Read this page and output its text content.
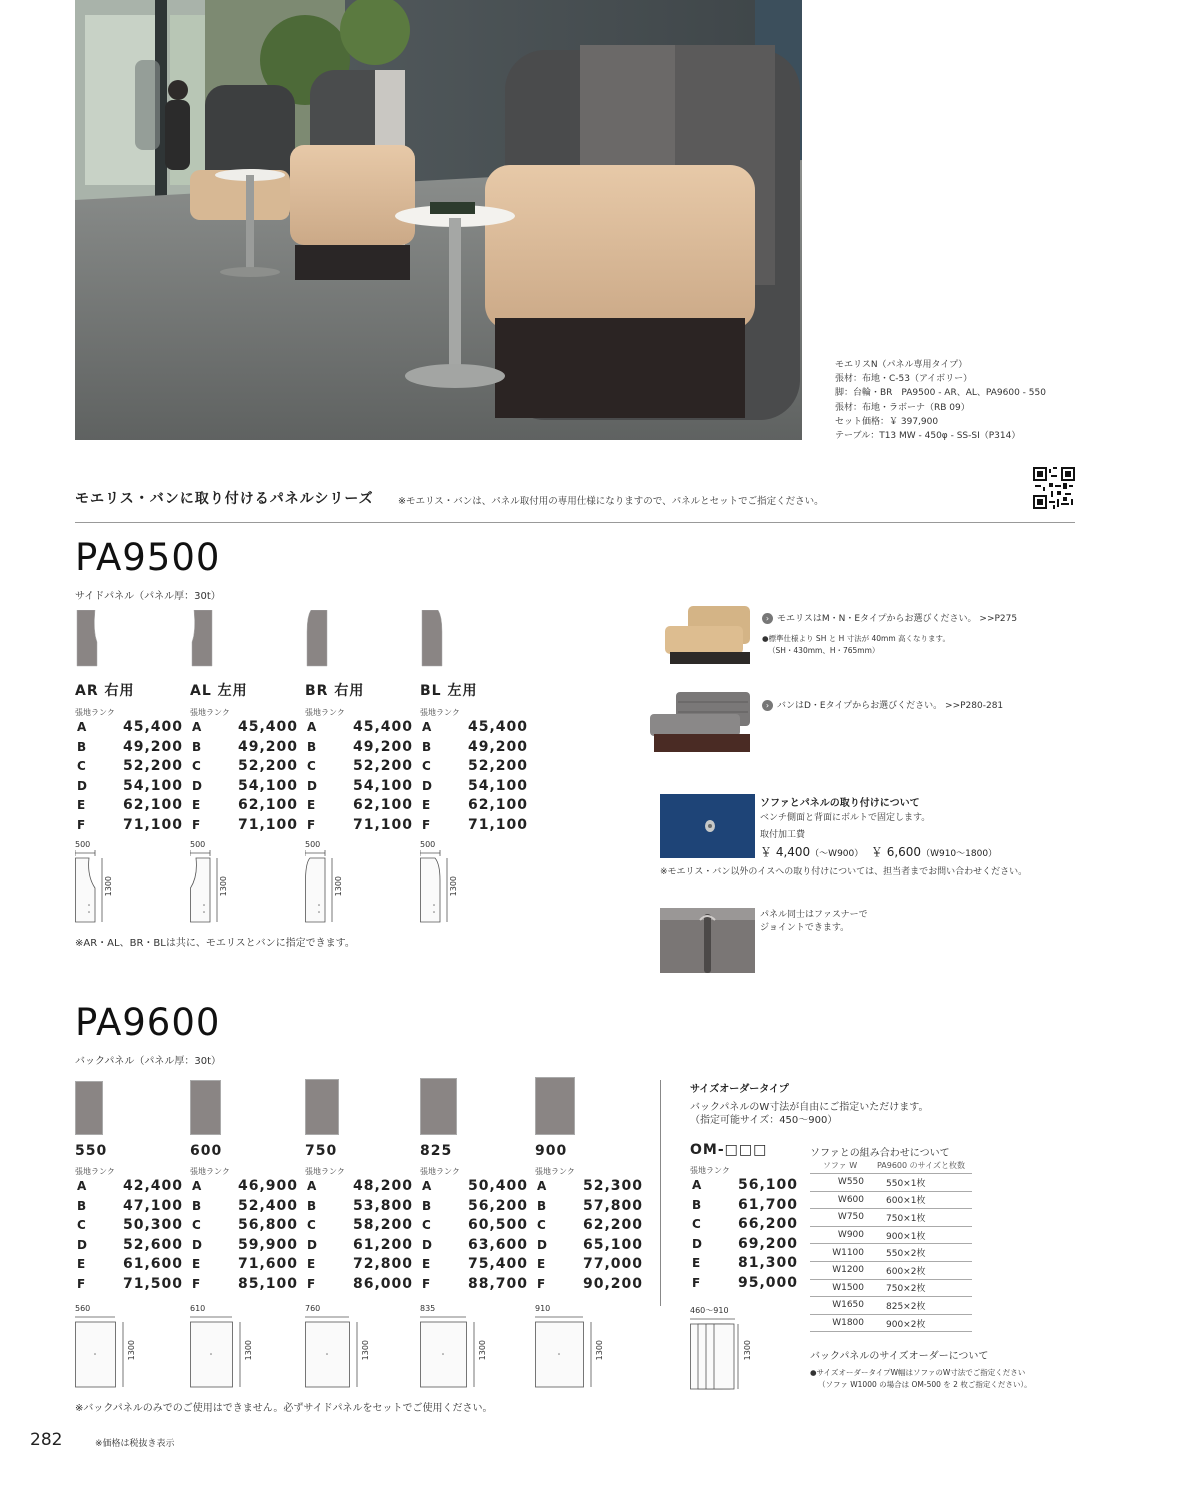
モエリスN（パネル専用タイプ）
張材：布地・C-53（アイボリー）
脚：台輪・BR　PA9500 - AR、AL、PA9600 - 550
張材：布地・ラボーナ（RB 09）
セット価格：￥ 397,900
テーブル：T13 MW - 450φ - SS-SI（P314）
モエリス・バンに取り付けるパネルシリーズ	※モエリス・バンは、パネル取付用の専用仕様になりますので、パネルとセットでご指定ください。
PA9500
サイドパネル（パネル厚：30t）
AR 右用
張地ランク
A	45,400
B	49,200
C	52,200
D	54,100
E	62,100
F	71,100
500
1300
AL 左用
張地ランク
A	45,400
B	49,200
C	52,200
D	54,100
E	62,100
F	71,100
500
1300
BR 右用
張地ランク
A	45,400
B	49,200
C	52,200
D	54,100
E	62,100
F	71,100
500
1300
BL 左用
張地ランク
A	45,400
B	49,200
C	52,200
D	54,100
E	62,100
F	71,100
500
1300
※AR・AL、BR・BLは共に、モエリスとバンに指定できます。
› モエリスはM・N・Eタイプからお選びください。 >>P275
●標準仕様より SH と H 寸法が 40mm 高くなります。
（SH・430mm、H・765mm）
› バンはD・Eタイプからお選びください。 >>P280-281
ソファとパネルの取り付けについて
ベンチ側面と背面にボルトで固定します。
取付加工費
￥ 4,400（～W900） ￥ 6,600（W910～1800）
※モエリス・バン以外のイスへの取り付けについては、担当者までお問い合わせください。
パネル同士はファスナーで
ジョイントできます。
PA9600
バックパネル（パネル厚：30t）
550
張地ランク
A	42,400
B	47,100
C	50,300
D	52,600
E	61,600
F	71,500
560
1300
600
張地ランク
A	46,900
B	52,400
C	56,800
D	59,900
E	71,600
F	85,100
610
1300
750
張地ランク
A	48,200
B	53,800
C	58,200
D	61,200
E	72,800
F	86,000
760
1300
825
張地ランク
A	50,400
B	56,200
C	60,500
D	63,600
E	75,400
F	88,700
835
1300
900
張地ランク
A	52,300
B	57,800
C	62,200
D	65,100
E	77,000
F	90,200
910
1300
※バックパネルのみでのご使用はできません。必ずサイドパネルをセットでご使用ください。
サイズオーダータイプ
バックパネルのW寸法が自由にご指定いただけます。
（指定可能サイズ：450～900）
OM-□□□
張地ランク
A	56,100
B	61,700
C	66,200
D	69,200
E	81,300
F	95,000
460～910
1300
ソファとの組み合わせについて
ソファ W	PA9600 のサイズと枚数
W550	550×1枚
W600	600×1枚
W750	750×1枚
W900	900×1枚
W1100	550×2枚
W1200	600×2枚
W1500	750×2枚
W1650	825×2枚
W1800	900×2枚
バックパネルのサイズオーダーについて
●サイズオーダータイプW幅はソファのW寸法でご指定ください
（ソファ W1000 の場合は OM-500 を 2 枚ご指定ください）。
282	※価格は税抜き表示
